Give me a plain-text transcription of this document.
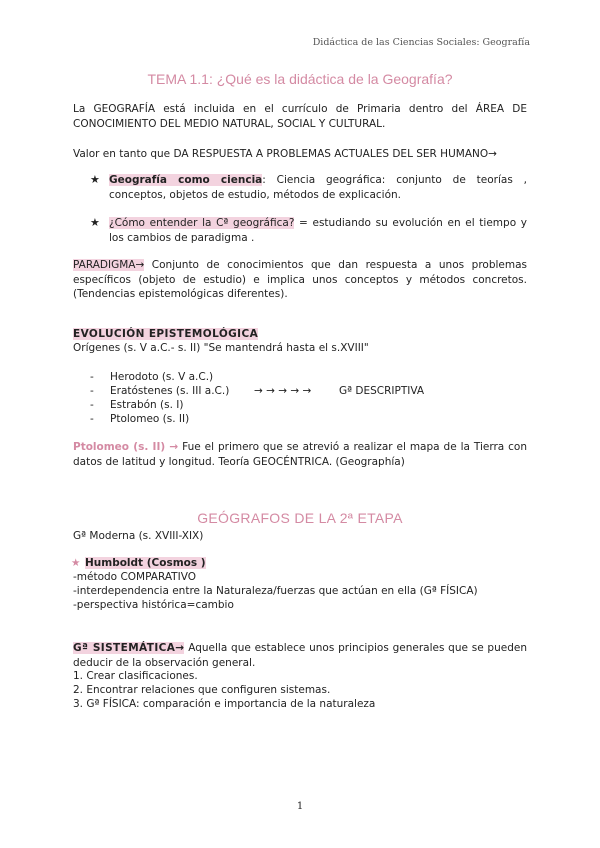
Didáctica de las Ciencias Sociales: Geografía
TEMA 1.1: ¿Qué es la didáctica de la Geografía?
La GEOGRAFÍA está incluida en el currículo de Primaria dentro del ÁREA DE CONOCIMIENTO DEL MEDIO NATURAL, SOCIAL Y CULTURAL.
Valor en tanto que DA RESPUESTA A PROBLEMAS ACTUALES DEL SER HUMANO→
★ Geografía como ciencia: Ciencia geográfica: conjunto de teorías , conceptos, objetos de estudio, métodos de explicación.
★ ¿Cómo entender la Cª geográfica? = estudiando su evolución en el tiempo y los cambios de paradigma .
PARADIGMA→ Conjunto de conocimientos que dan respuesta a unos problemas específicos (objeto de estudio) e implica unos conceptos y métodos concretos. (Tendencias epistemológicas diferentes).
EVOLUCIÓN EPISTEMOLÓGICA
Orígenes (s. V a.C.- s. II) "Se mantendrá hasta el s.XVIII"
- Herodoto (s. V a.C.)
- Eratóstenes (s. III a.C.) → → → → →	Gª DESCRIPTIVA
- Estrabón (s. I)
- Ptolomeo (s. II)
Ptolomeo (s. II) → Fue el primero que se atrevió a realizar el mapa de la Tierra con datos de latitud y longitud. Teoría GEOCÉNTRICA. (Geographía)
GEÓGRAFOS DE LA 2ª ETAPA
Gª Moderna (s. XVIII-XIX)
★ Humboldt (Cosmos )
-método COMPARATIVO
-interdependencia entre la Naturaleza/fuerzas que actúan en ella (Gª FÍSICA)
-perspectiva histórica=cambio
Gª SISTEMÁTICA→ Aquella que establece unos principios generales que se pueden deducir de la observación general.
1. Crear clasificaciones.
2. Encontrar relaciones que configuren sistemas.
3. Gª FÍSICA: comparación e importancia de la naturaleza
1
